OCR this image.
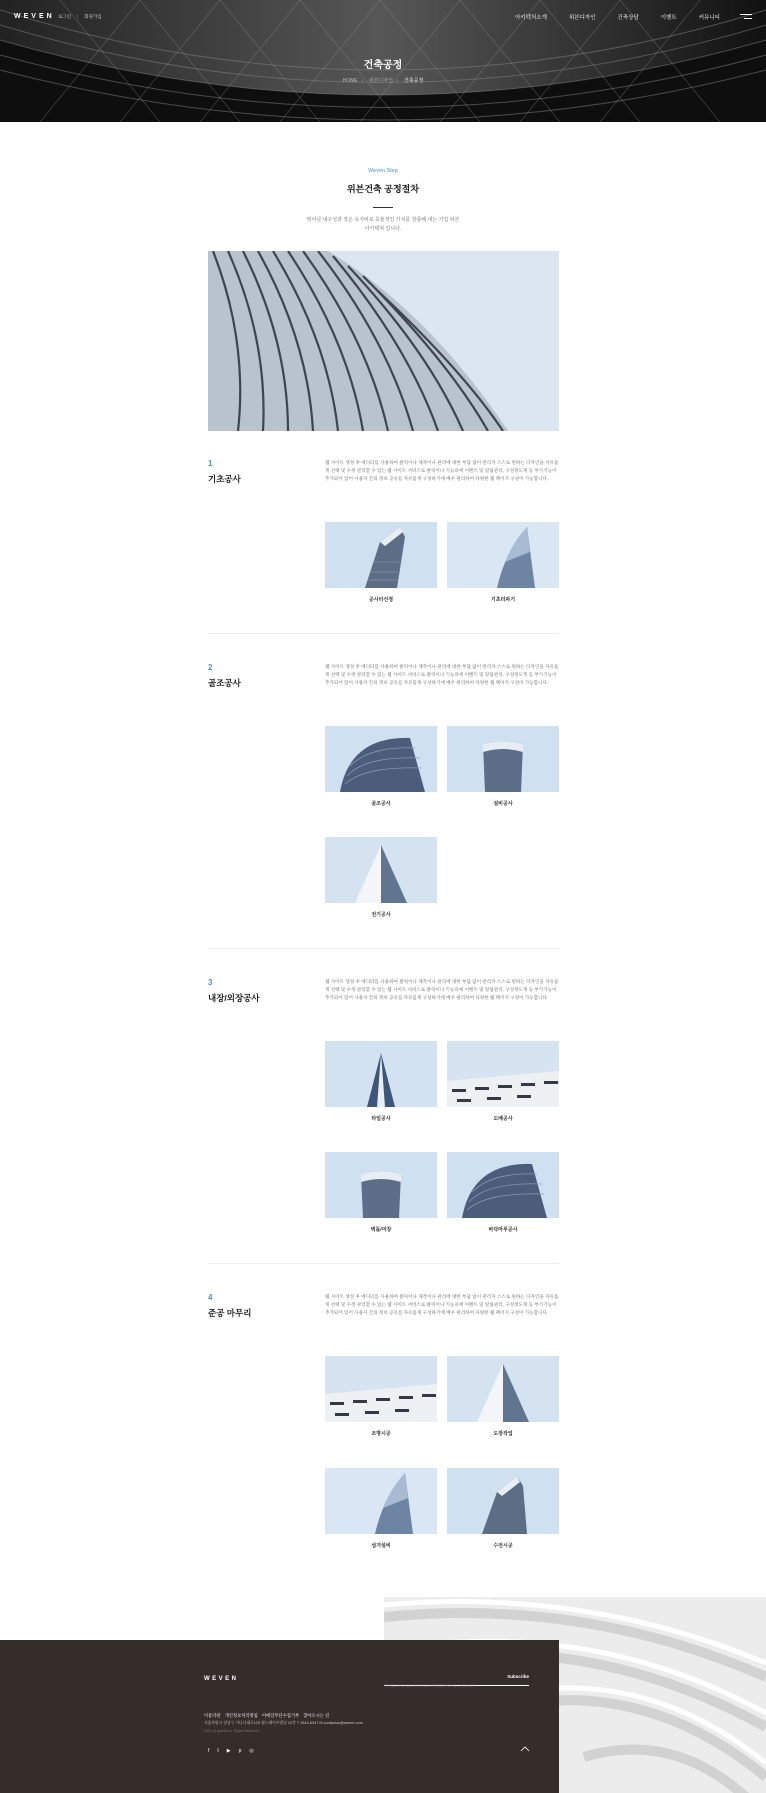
WEVEN 로그인 | 회원가입	아키텍처소개	위븐디자인	건축상담	이벤트	커뮤니티
건축공정
HOME › 위븐디자인 › 건축공정
Weven Step
위븐건축 공정절차

뛰어난 내구성과 작은 유지비로 효율적인 가치를 창출해 내는 기업 위븐
아키텍쳐 입니다.

1
기초공사
웹 사이트 생성 후 에디터를 사용하여 클릭이나 제작이나 관리에 대한 부담 없이 관리자 스스로 원하는 디자인을 자유롭게 선택 및 수정 관리할 수 있는 웹 사이트 서비스로 클릭이나 기능피에 이벤트 및 알림관리, 구성정도게 등 부가기능이 추가되어 있어 사용자 간의 정보 공유를 자유롭게 구성하기에 매우 편리하여 다양한 웹 페이지 구성이 가능합니다.
공사터선정	기초터파기
2
골조공사
웹 사이트 생성 후 에디터를 사용하여 클릭이나 제작이나 관리에 대한 부담 없이 관리자 스스로 원하는 디자인을 자유롭게 선택 및 수정 관리할 수 있는 웹 사이트 서비스로 클릭이나 기능피에 이벤트 및 알림관리, 구성정도게 등 부가기능이 추가되어 있어 사용자 간의 정보 공유를 자유롭게 구성하기에 매우 편리하여 다양한 웹 페이지 구성이 가능합니다.
골조공사	설비공사
전기공사
3
내장/외장공사
웹 사이트 생성 후 에디터를 사용하여 클릭이나 제작이나 관리에 대한 부담 없이 관리자 스스로 원하는 디자인을 자유롭게 선택 및 수정 관리할 수 있는 웹 사이트 서비스로 클릭이나 기능피에 이벤트 및 알림관리, 구성정도게 등 부가기능이 추가되어 있어 사용자 간의 정보 공유를 자유롭게 구성하기에 매우 편리하여 다양한 웹 페이지 구성이 가능합니다.
타일공사	도배공사
벽돌/미장	바닥마루공사
4
준공 마무리
웹 사이트 생성 후 에디터를 사용하여 클릭이나 제작이나 관리에 대한 부담 없이 관리자 스스로 원하는 디자인을 자유롭게 선택 및 수정 관리할 수 있는 웹 사이트 서비스로 클릭이나 기능피에 이벤트 및 알림관리, 구성정도게 등 부가기능이 추가되어 있어 사용자 간의 정보 공유를 자유롭게 구성하기에 매우 편리하여 다양한 웹 페이지 구성이 가능합니다.
조명시공	도장작업
섬겨설비	수전시공
WEVEN
이메일주소를 입력하시면 뉴스레터를 받아보실 수 있습니다	Subscribe
이용약관 개인정보처리방침 이메일무단수집거부 찾아오시는 길
서울특별시 강남구 가나다대로123 필드헤이즈빌딩 12층 T 1544-6347 M contactus@weven.com
2021 (c) gravity co. Rights Reserved.
f t ▶ p ◎
